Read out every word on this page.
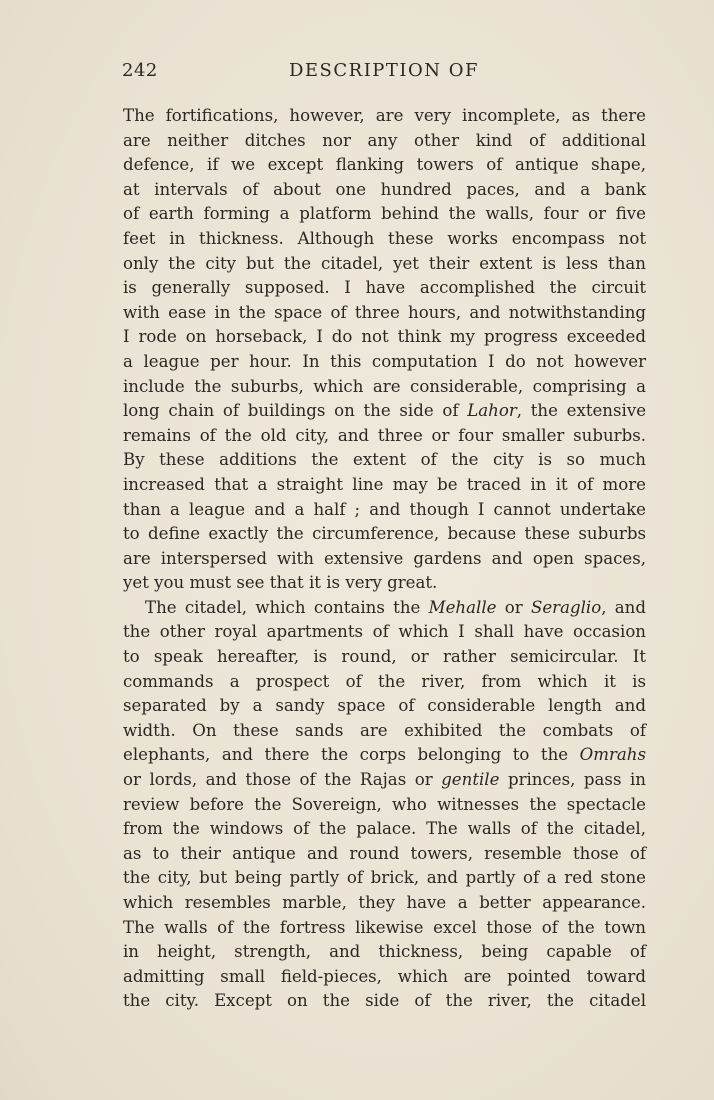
242	DESCRIPTION OF
The fortifications, however, are very incomplete, as there
are neither ditches nor any other kind of additional
defence, if we except flanking towers of antique shape,
at intervals of about one hundred paces, and a bank
of earth forming a platform behind the walls, four or five
feet in thickness. Although these works encompass not
only the city but the citadel, yet their extent is less than
is generally supposed. I have accomplished the circuit
with ease in the space of three hours, and notwithstanding
I rode on horseback, I do not think my progress exceeded
a league per hour. In this computation I do not however
include the suburbs, which are considerable, comprising a
long chain of buildings on the side of Lahor, the extensive
remains of the old city, and three or four smaller suburbs.
By these additions the extent of the city is so much
increased that a straight line may be traced in it of more
than a league and a half ; and though I cannot undertake
to define exactly the circumference, because these suburbs
are interspersed with extensive gardens and open spaces,
yet you must see that it is very great.
The citadel, which contains the Mehalle or Seraglio, and
the other royal apartments of which I shall have occasion
to speak hereafter, is round, or rather semicircular. It
commands a prospect of the river, from which it is
separated by a sandy space of considerable length and
width. On these sands are exhibited the combats of
elephants, and there the corps belonging to the Omrahs
or lords, and those of the Rajas or gentile princes, pass in
review before the Sovereign, who witnesses the spectacle
from the windows of the palace. The walls of the citadel,
as to their antique and round towers, resemble those of
the city, but being partly of brick, and partly of a red stone
which resembles marble, they have a better appearance.
The walls of the fortress likewise excel those of the town
in height, strength, and thickness, being capable of
admitting small field-pieces, which are pointed toward
the city. Except on the side of the river, the citadel
